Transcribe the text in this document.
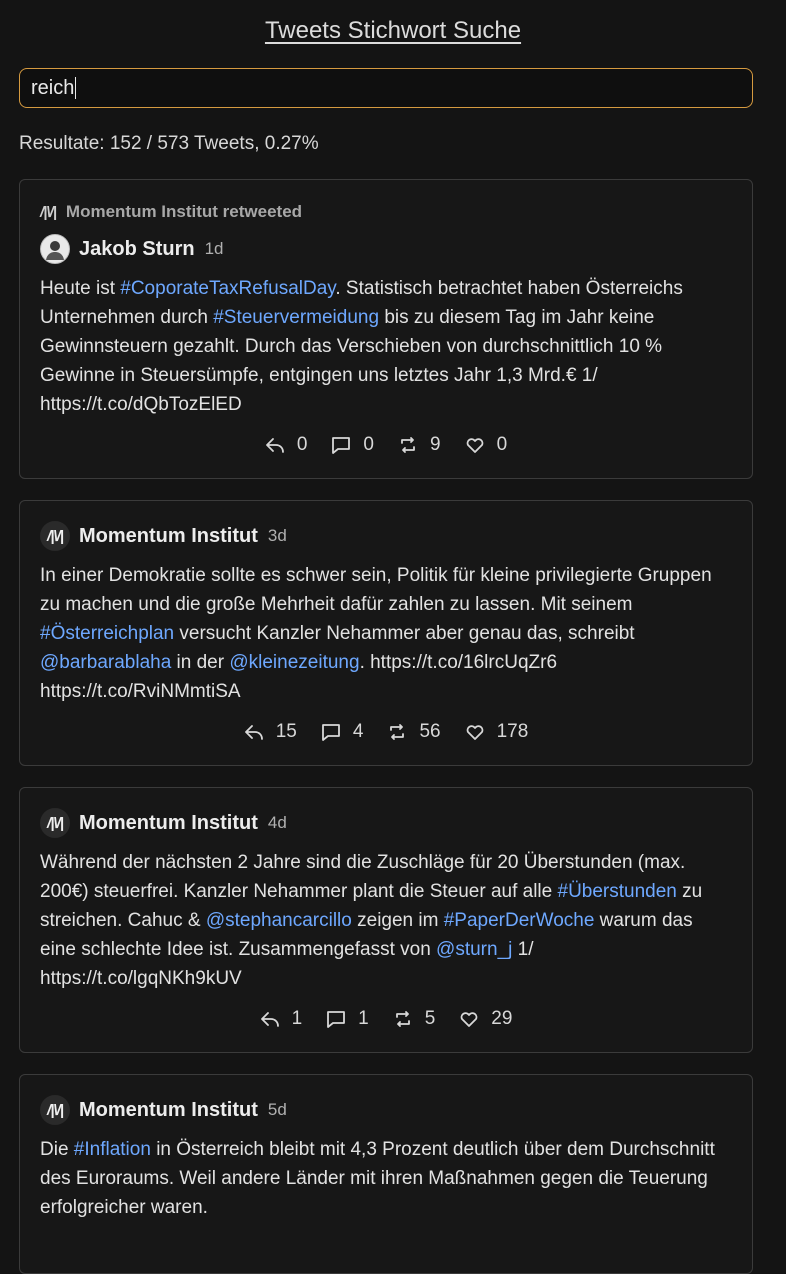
Tweets Stichwort Suche
reich
Resultate: 152 / 573 Tweets, 0.27%
/|\/| Momentum Institut retweeted
Jakob Sturn 1d
Heute ist #CoporateTaxRefusalDay. Statistisch betrachtet haben Österreichs Unternehmen durch #Steuervermeidung bis zu diesem Tag im Jahr keine Gewinnsteuern gezahlt. Durch das Verschieben von durchschnittlich 10 % Gewinne in Steuersümpfe, entgingen uns letztes Jahr 1,3 Mrd.€ 1/ https://t.co/dQbTozElED
0	0	9	0
/|\/| Momentum Institut 3d
In einer Demokratie sollte es schwer sein, Politik für kleine privilegierte Gruppen zu machen und die große Mehrheit dafür zahlen zu lassen. Mit seinem #Österreichplan versucht Kanzler Nehammer aber genau das, schreibt @barbarablaha in der @kleinezeitung. https://t.co/16lrcUqZr6 https://t.co/RviNMmtiSA
15	4	56	178
/|\/| Momentum Institut 4d
Während der nächsten 2 Jahre sind die Zuschläge für 20 Überstunden (max. 200€) steuerfrei. Kanzler Nehammer plant die Steuer auf alle #Überstunden zu streichen. Cahuc & @stephancarcillo zeigen im #PaperDerWoche warum das eine schlechte Idee ist. Zusammengefasst von @sturn_j 1/ https://t.co/lgqNKh9kUV
1	1	5	29
/|\/| Momentum Institut 5d
Die #Inflation in Österreich bleibt mit 4,3 Prozent deutlich über dem Durchschnitt des Euroraums. Weil andere Länder mit ihren Maßnahmen gegen die Teuerung erfolgreicher waren.
